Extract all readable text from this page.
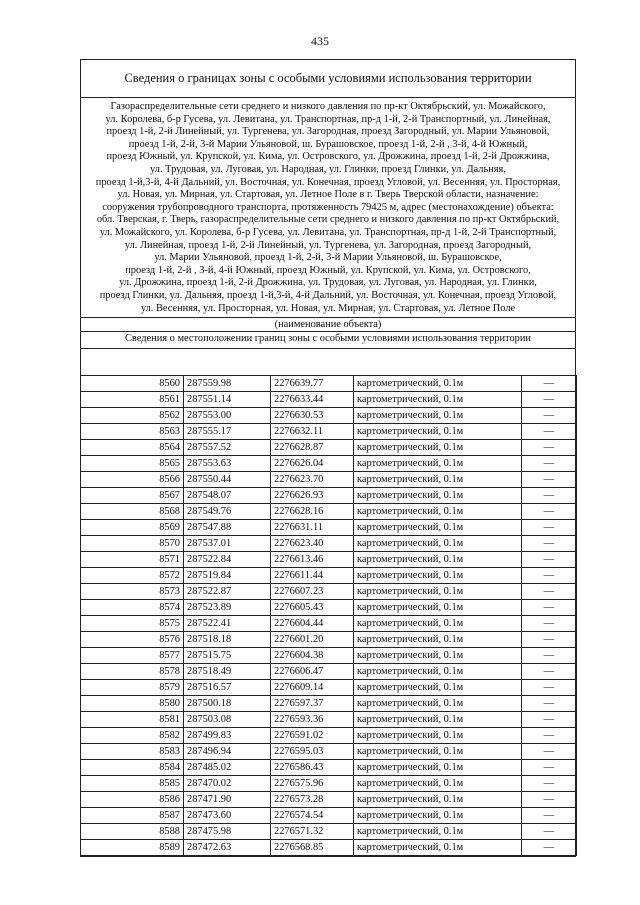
435
Сведения о границах зоны с особыми условиями использования территории
Газораспределительные сети среднего и низкого давления по пр-кт Октябрьский, ул. Можайского,
ул. Королева, б-р Гусева, ул. Левитана, ул. Транспортная, пр-д 1-й, 2-й Транспортный, ул. Линейная,
проезд 1-й, 2-й Линейный, ул. Тургенева, ул. Загородная, проезд Загородный, ул. Марии Ульяновой,
проезд 1-й, 2-й, 3-й Марии Ульяновой, ш. Бурашовское, проезд 1-й, 2-й , 3-й, 4-й Южный,
проезд Южный, ул. Крупской, ул. Кима, ул. Островского, ул. Дрожжина, проезд 1-й, 2-й Дрожжина,
ул. Трудовая, ул. Луговая, ул. Народная, ул. Глинки, проезд Глинки, ул. Дальняя,
проезд 1-й,3-й, 4-й Дальний, ул. Восточная, ул. Конечная, проезд Угловой, ул. Весенняя, ул. Просторная,
ул. Новая, ул. Мирная, ул. Стартовая, ул. Летное Поле в г. Тверь Тверской области, назначение:
сооружения трубопроводного транспорта, протяженность 79425 м, адрес (местонахождение) объекта:
обл. Тверская, г. Тверь, газораспределительные сети среднего и низкого давления по пр-кт Октябрьский,
ул. Можайского, ул. Королева, б-р Гусева, ул. Левитана, ул. Транспортная, пр-д 1-й, 2-й Транспортный,
ул. Линейная, проезд 1-й, 2-й Линейный, ул. Тургенева, ул. Загородная, проезд Загородный,
ул. Марии Ульяновой, проезд 1-й, 2-й, 3-й Марии Ульяновой, ш. Бурашовское,
проезд 1-й, 2-й , 3-й, 4-й Южный, проезд Южный, ул. Крупской, ул. Кима, ул. Островского,
ул. Дрожжина, проезд 1-й, 2-й Дрожжина, ул. Трудовая, ул. Луговая, ул. Народная, ул. Глинки,
проезд Глинки, ул. Дальняя, проезд 1-й,3-й, 4-й Дальний, ул. Восточная, ул. Конечная, проезд Угловой,
ул. Весенняя, ул. Просторная, ул. Новая, ул. Мирная, ул. Стартовая, ул. Летное Поле
(наименование объекта)
Сведения о местоположении границ зоны с особыми условиями использования территории
8560	287559.98	2276639.77	картометрический, 0.1м	—
8561	287551.14	2276633.44	картометрический, 0.1м	—
8562	287553.00	2276630.53	картометрический, 0.1м	—
8563	287555.17	2276632.11	картометрический, 0.1м	—
8564	287557.52	2276628.87	картометрический, 0.1м	—
8565	287553.63	2276626.04	картометрический, 0.1м	—
8566	287550.44	2276623.70	картометрический, 0.1м	—
8567	287548.07	2276626.93	картометрический, 0.1м	—
8568	287549.76	2276628.16	картометрический, 0.1м	—
8569	287547.88	2276631.11	картометрический, 0.1м	—
8570	287537.01	2276623.40	картометрический, 0.1м	—
8571	287522.84	2276613.46	картометрический, 0.1м	—
8572	287519.84	2276611.44	картометрический, 0.1м	—
8573	287522.87	2276607.23	картометрический, 0.1м	—
8574	287523.89	2276605.43	картометрический, 0.1м	—
8575	287522.41	2276604.44	картометрический, 0.1м	—
8576	287518.18	2276601.20	картометрический, 0.1м	—
8577	287515.75	2276604.38	картометрический, 0.1м	—
8578	287518.49	2276606.47	картометрический, 0.1м	—
8579	287516.57	2276609.14	картометрический, 0.1м	—
8580	287500.18	2276597.37	картометрический, 0.1м	—
8581	287503.08	2276593.36	картометрический, 0.1м	—
8582	287499.83	2276591.02	картометрический, 0.1м	—
8583	287496.94	2276595.03	картометрический, 0.1м	—
8584	287485.02	2276586.43	картометрический, 0.1м	—
8585	287470.02	2276575.96	картометрический, 0.1м	—
8586	287471.90	2276573.28	картометрический, 0.1м	—
8587	287473.60	2276574.54	картометрический, 0.1м	—
8588	287475.98	2276571.32	картометрический, 0.1м	—
8589	287472.63	2276568.85	картометрический, 0.1м	—
